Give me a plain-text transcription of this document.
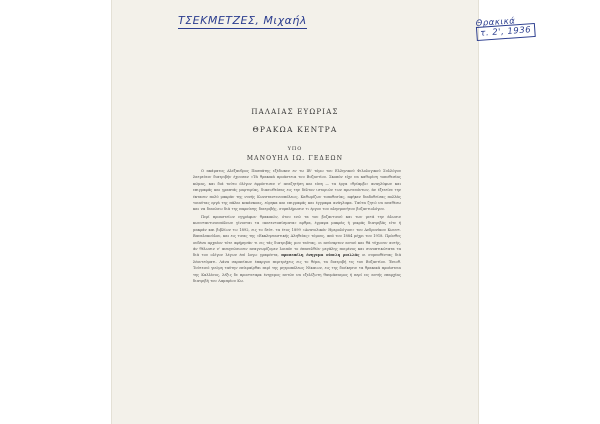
ΤΣΕΚΜΕΤΖΕΣ, Μιχαήλ	Θρακικά
τ. 2', 1936
ΠΑΛΑΙΑΣ ΕΥΩΡΙΑΣ
ΘΡΑΚΩΑ ΚΕΝΤΡΑ
ΥΠΟ
ΜΑΝΟΥΗΛ ΙΩ. ΓΕΔΕΩΝ

Ο ακάματος Αλέξανδρος Πασπάτης εξέδωκεν εν τω ΙΒ' τόμω του Ελληνικού Φιλολογικού Συλλόγου λατρεύειν διατριβήν έχουσαν «Τά θρακικά προάστεια του Βυζαντίου. Σκοπόν είχε να καθορίση τοποθεσίας κώμας, και διά τούτο όλίγον έφρόντισεν ν' αναζητήση και είπη — τα έργα «θρίαμβι» αναγλύφων και επιγραφάς και γραπτάς μαρτυρίας, διασωθείσας εις την δέλτον ιστοριών των πρωτευόντων, άν έξετείνε την έκτασιν πολύ μακράν της νυνής Κωνσταντινουπόλεως. Καθωρίζων τοποθεσίας, αφήκεν διαδοθείσας πολλάς τοιαύτας εργά της πάλαι κεκάνκοας, εύρηκα και επιγραφάς και έγγραφα ανάγλυφα. Ταύτα ζητώ να αναθέσω και να διαιώσω διά της παρούσης διατριβής, συμπλήρωσιν τι έργου του αλησμονήτου βυζαντιολόγου.

Περί προαστείων εγγράφων θρακικών, ότου ενώ τα του βυζαντινού και των μετά την άλωσιν κωνσταντινουπόλεων γίνονται τα «κατεντοπίσματα» αρθρα, έγραψα μακράς ή μικράς διατριβάς είτε ή μακράν και βιβλίων τω 1892, εις το δεύτ. τα έτος 1899 «Ανατολικόν Ημερολόγιον» του Ανδρονίκου Κωνστ. Βαναλυκούλου, και εις τινας της «Εκκλησιαστικής Αληθείας» τόμους, από του 1884 μέχρι του 1918. Πρόσθες ουδένα αρχαίον τότε αφήρησάν τι εις τάς διατριβάς μου ταύτας, οι ανύσαρτον αυτού και θά τύχωσιν αυτής, άν θέλωσιν ν' αναγνώσωσιν αναγνωρίζομεν λοιπόν το έπανελθών μεγάλης ποιμένος και συνοπτικώτατα τα διά του ολίγον λέγων έπί λογω γραφέντα, προσεπέλη ένηγεμα οίπελη ροιλλάς οι συμποθέντας διά λέοντεύματι. Λάνα σαρανίπων έπαργου περιτρέχεις εις το θέμα, τα διατριβή τις του Βυζαντίου. Ένιοθ. Τούτεινό γνώμη ταύτην επίεραίρθαι περί της μητροπόλεως Νίκαιων, εις της διοίκησιν τα θρακικά προάστεια της Καλλίσος, λέξις δε προστεταρκ ένηγεμος αυτών να εξελίξωτη θαυμάσαιμος ή περί εις αυτής επαρχίας διατριβή του Λαμπρίου Κω.
